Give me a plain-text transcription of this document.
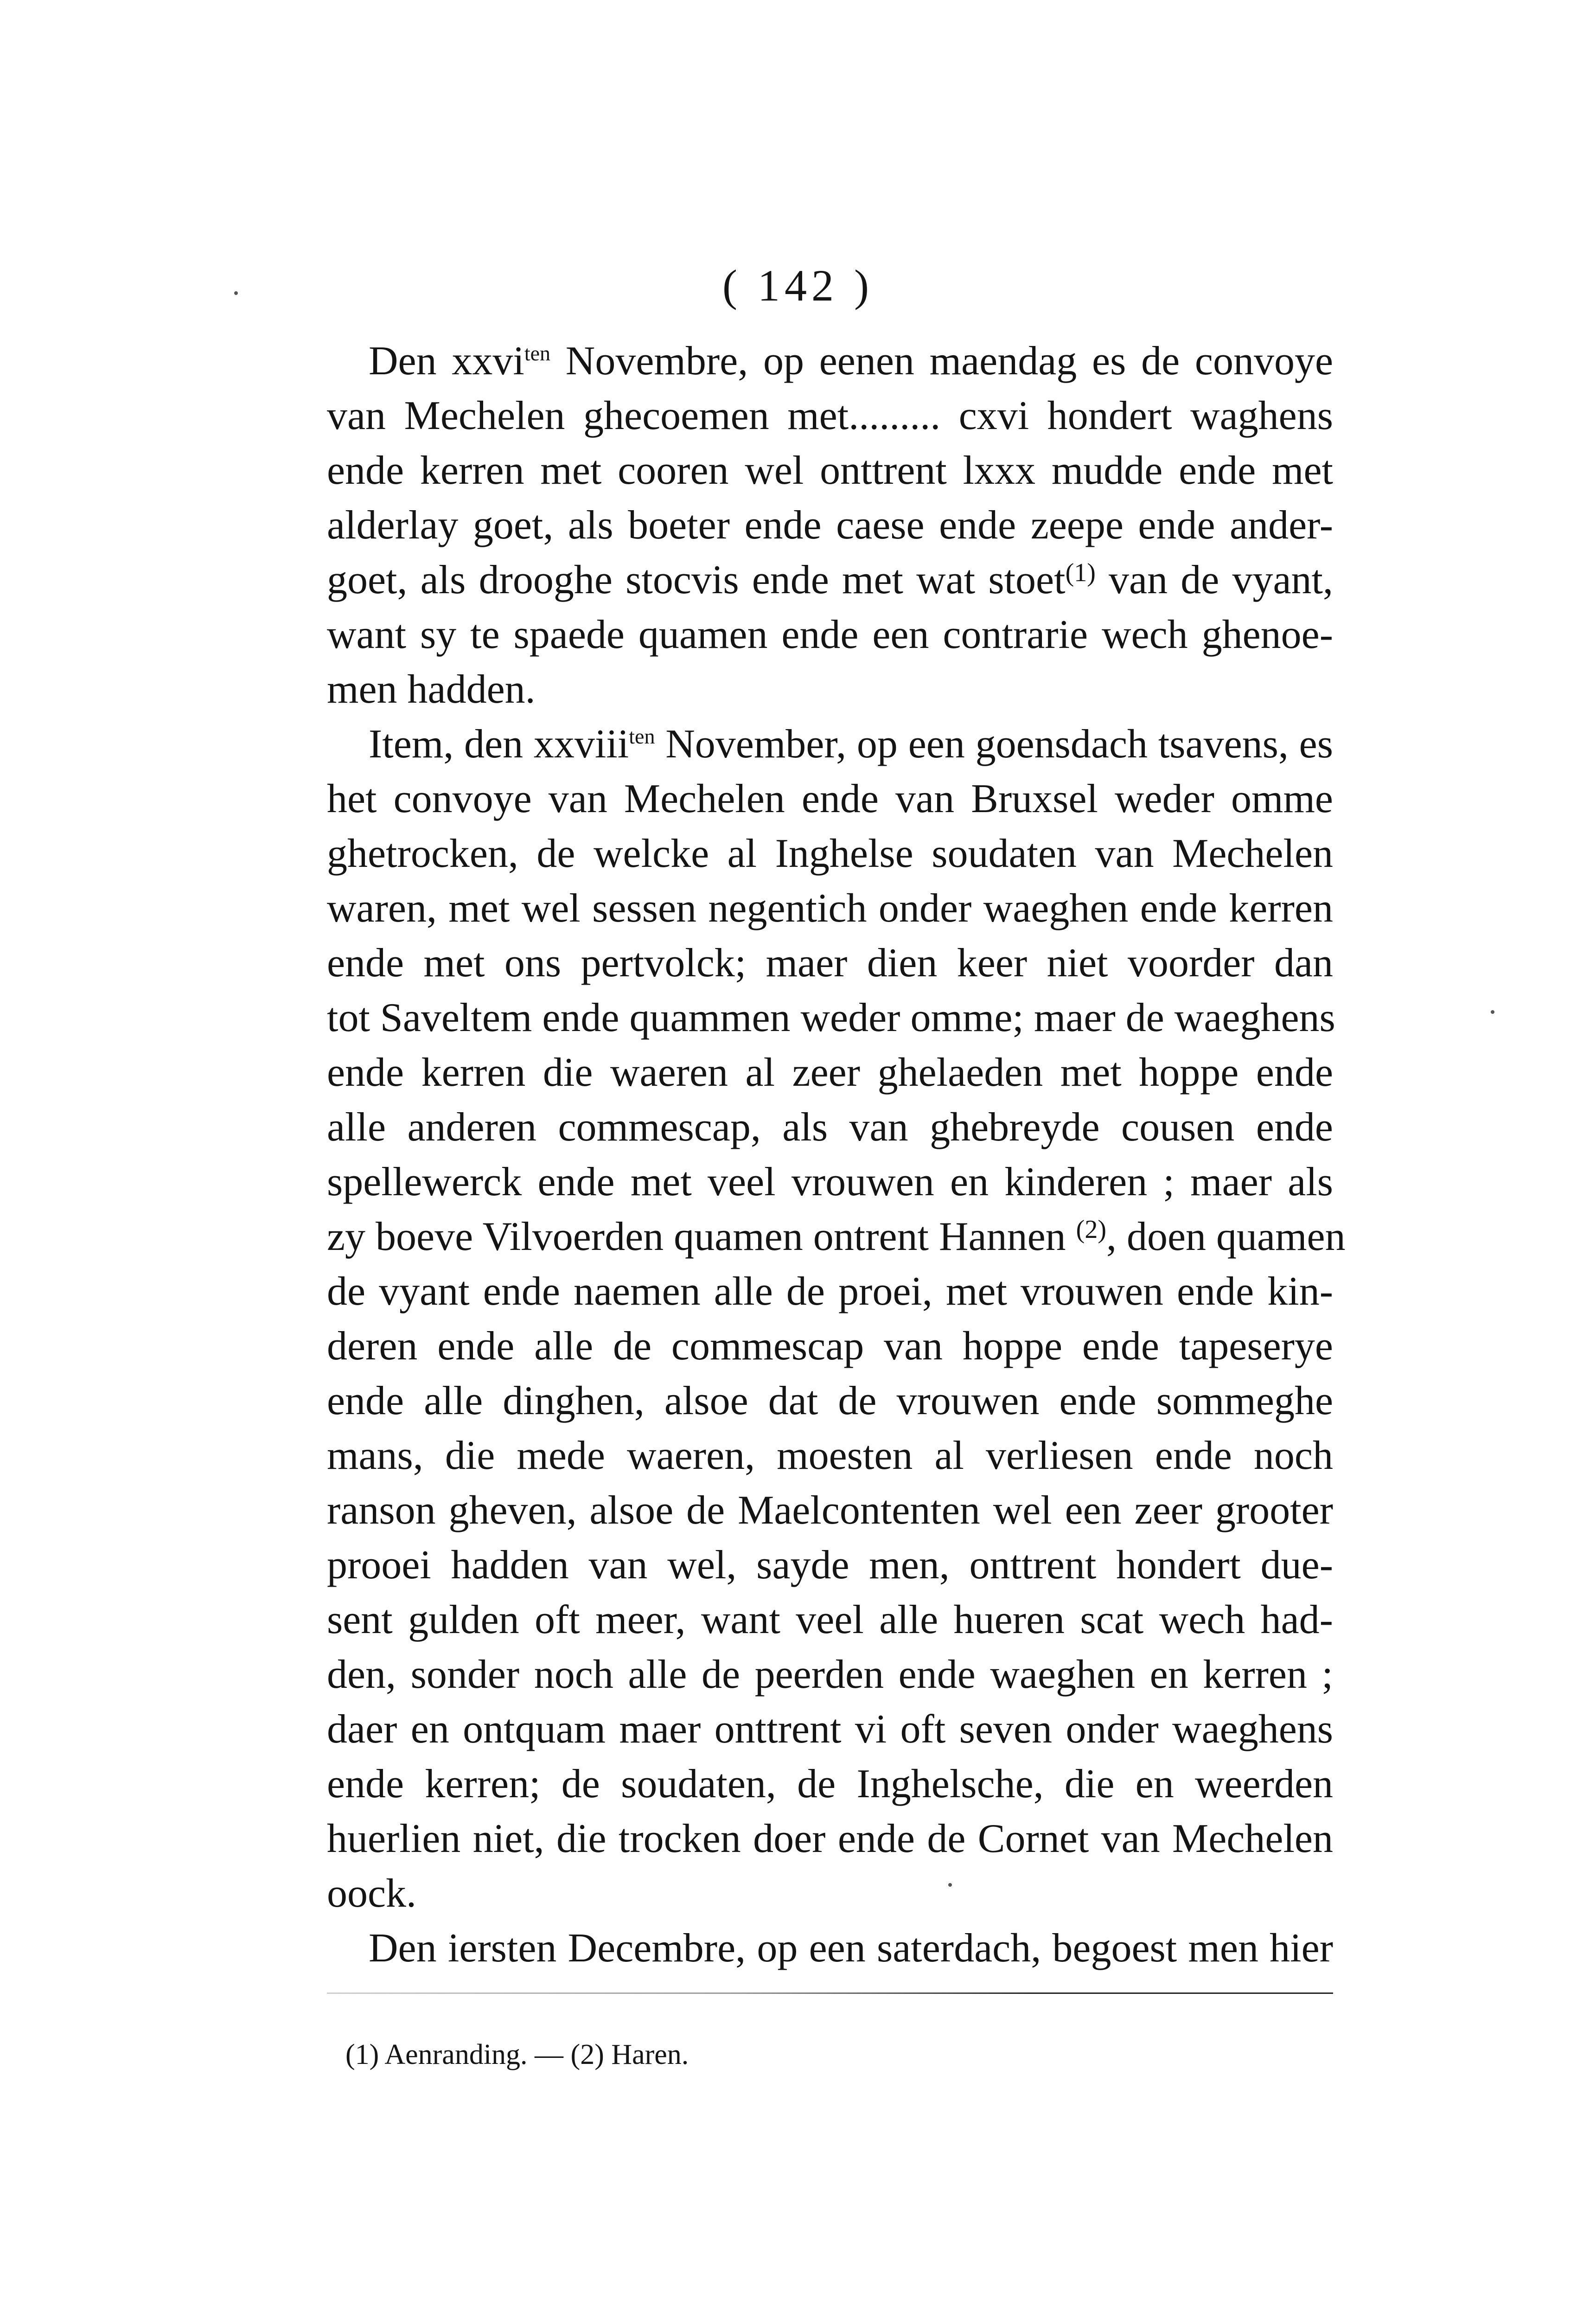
( 142 )
Den xxvi$^{ten}$ Novembre, op eenen maendag es de convoye
van Mechelen ghecoemen met......... cxvi hondert waghens
ende kerren met cooren wel onttrent lxxx mudde ende met
alderlay goet, als boeter ende caese ende zeepe ende ander-
goet, als drooghe stocvis ende met wat stoet$^{(1)}$ van de vyant,
want sy te spaede quamen ende een contrarie wech ghenoe-
men hadden.
Item, den xxviii$^{ten}$ November, op een goensdach tsavens, es
het convoye van Mechelen ende van Bruxsel weder omme
ghetrocken, de welcke al Inghelse soudaten van Mechelen
waren, met wel sessen negentich onder waeghen ende kerren
ende met ons pertvolck; maer dien keer niet voorder dan
tot Saveltem ende quammen weder omme; maer de waeghens
ende kerren die waeren al zeer ghelaeden met hoppe ende
alle anderen commescap, als van ghebreyde cousen ende
spellewerck ende met veel vrouwen en kinderen ; maer als
zy boeve Vilvoerden quamen ontrent Hannen $^{(2)}$, doen quamen
de vyant ende naemen alle de proei, met vrouwen ende kin-
deren ende alle de commescap van hoppe ende tapeserye
ende alle dinghen, alsoe dat de vrouwen ende sommeghe
mans, die mede waeren, moesten al verliesen ende noch
ranson gheven, alsoe de Maelcontenten wel een zeer grooter
prooei hadden van wel, sayde men, onttrent hondert due-
sent gulden oft meer, want veel alle hueren scat wech had-
den, sonder noch alle de peerden ende waeghen en kerren ;
daer en ontquam maer onttrent vi oft seven onder waeghens
ende kerren; de soudaten, de Inghelsche, die en weerden
huerlien niet, die trocken doer ende de Cornet van Mechelen
oock.
Den iersten Decembre, op een saterdach, begoest men hier
(1) Aenranding. — (2) Haren.
